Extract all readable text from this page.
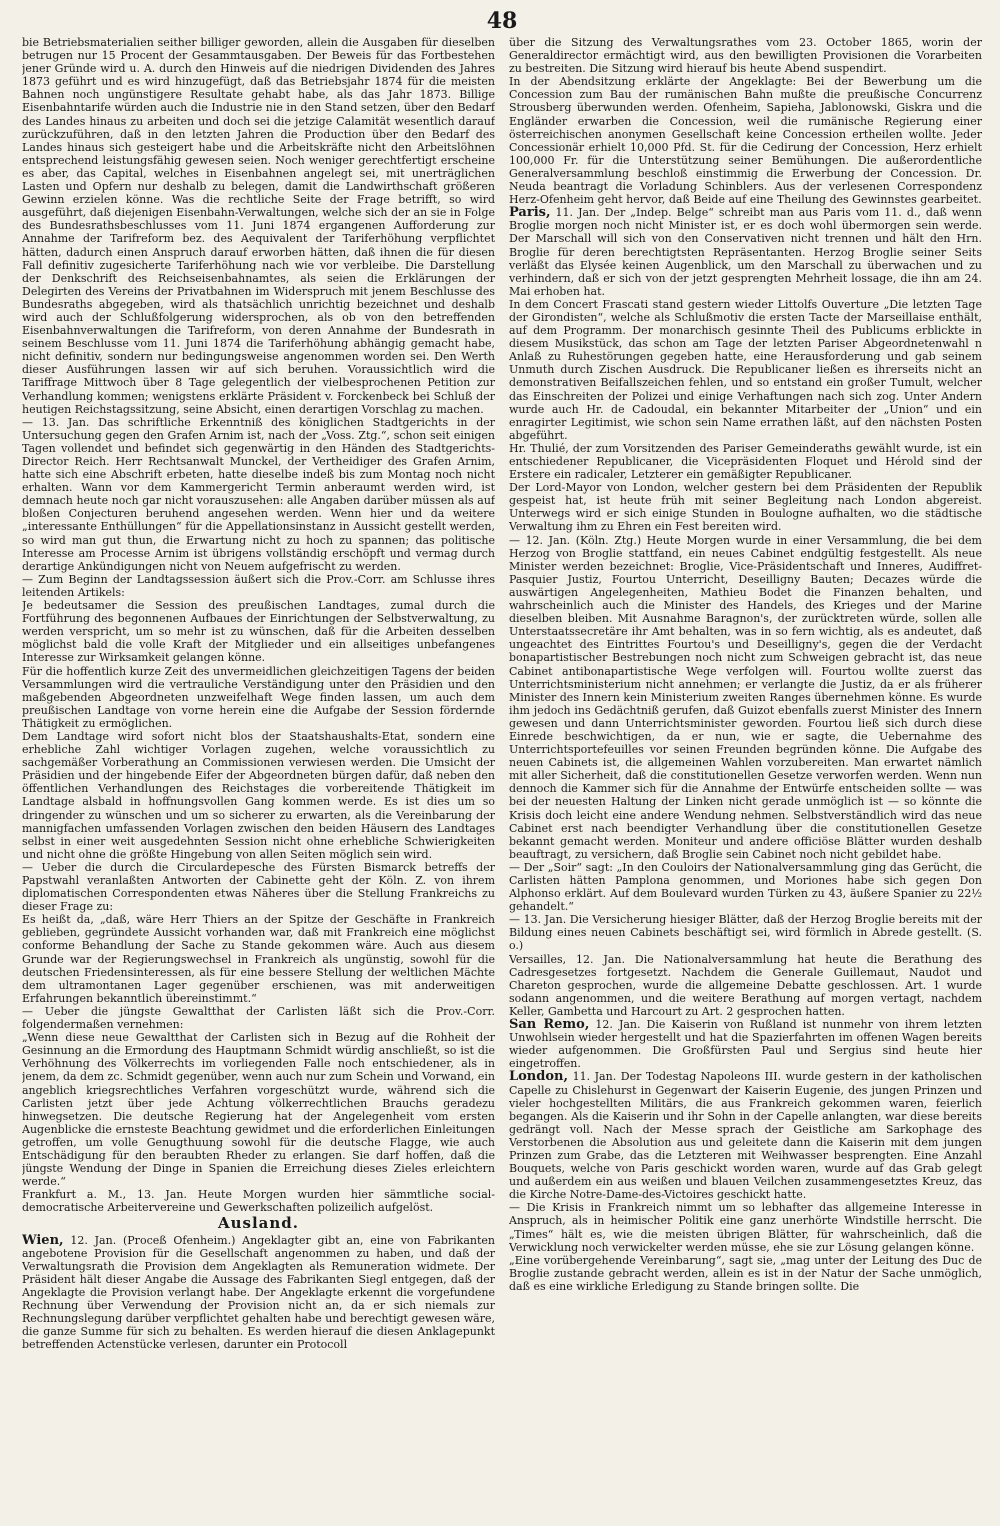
48

bie Betriebsmaterialien seither billiger geworden, allein die Ausgaben für dieselben betrugen nur 15 Procent der Gesammtausgaben. Der Beweis für das Fortbestehen jener Gründe wird u. A. durch den Hinweis auf die niedrigen Dividenden des Jahres 1873 geführt und es wird hinzugefügt, daß das Betriebsjahr 1874 für die meisten Bahnen noch ungünstigere Resultate gehabt habe, als das Jahr 1873. Billige Eisenbahntarife würden auch die Industrie nie in den Stand setzen, über den Bedarf des Landes hinaus zu arbeiten und doch sei die jetzige Calamität wesentlich darauf zurückzuführen, daß in den letzten Jahren die Production über den Bedarf des Landes hinaus sich gesteigert habe und die Arbeitskräfte nicht den Arbeitslöhnen entsprechend leistungsfähig gewesen seien. Noch weniger gerechtfertigt erscheine es aber, das Capital, welches in Eisenbahnen angelegt sei, mit unerträglichen Lasten und Opfern nur deshalb zu belegen, damit die Landwirthschaft größeren Gewinn erzielen könne. Was die rechtliche Seite der Frage betrifft, so wird ausgeführt, daß diejenigen Eisenbahn-Verwaltungen, welche sich der an sie in Folge des Bundesrathsbeschlusses vom 11. Juni 1874 ergangenen Aufforderung zur Annahme der Tarifreform bez. des Aequivalent der Tariferhöhung verpflichtet hätten, dadurch einen Anspruch darauf erworben hätten, daß ihnen die für diesen Fall definitiv zugesicherte Tariferhöhung nach wie vor verbleibe. Die Darstellung der Denkschrift des Reichseisenbahnamtes, als seien die Erklärungen der Delegirten des Vereins der Privatbahnen im Widerspruch mit jenem Beschlusse des Bundesraths abgegeben, wird als thatsächlich unrichtig bezeichnet und deshalb wird auch der Schlußfolgerung widersprochen, als ob von den betreffenden Eisenbahnverwaltungen die Tarifreform, von deren Annahme der Bundesrath in seinem Beschlusse vom 11. Juni 1874 die Tariferhöhung abhängig gemacht habe, nicht definitiv, sondern nur bedingungsweise angenommen worden sei. Den Werth dieser Ausführungen lassen wir auf sich beruhen. Voraussichtlich wird die Tariffrage Mittwoch über 8 Tage gelegentlich der vielbesprochenen Petition zur Verhandlung kommen; wenigstens erklärte Präsident v. Forckenbeck bei Schluß der heutigen Reichstagssitzung, seine Absicht, einen derartigen Vorschlag zu machen.

— 13. Jan. Das schriftliche Erkenntniß des königlichen Stadtgerichts in der Untersuchung gegen den Grafen Arnim ist, nach der „Voss. Ztg.“, schon seit einigen Tagen vollendet und befindet sich gegenwärtig in den Händen des Stadtgerichts-Director Reich. Herr Rechtsanwalt Munckel, der Vertheidiger des Grafen Arnim, hatte sich eine Abschrift erbeten, hatte dieselbe indeß bis zum Montag noch nicht erhalten. Wann vor dem Kammergericht Termin anberaumt werden wird, ist demnach heute noch gar nicht vorauszusehen: alle Angaben darüber müssen als auf bloßen Conjecturen beruhend angesehen werden. Wenn hier und da weitere „interessante Enthüllungen“ für die Appellationsinstanz in Aussicht gestellt werden, so wird man gut thun, die Erwartung nicht zu hoch zu spannen; das politische Interesse am Processe Arnim ist übrigens vollständig erschöpft und vermag durch derartige Ankündigungen nicht von Neuem aufgefrischt zu werden.

— Zum Beginn der Landtagssession äußert sich die Prov.-Corr. am Schlusse ihres leitenden Artikels:

Je bedeutsamer die Session des preußischen Landtages, zumal durch die Fortführung des begonnenen Aufbaues der Einrichtungen der Selbstverwaltung, zu werden verspricht, um so mehr ist zu wünschen, daß für die Arbeiten desselben möglichst bald die volle Kraft der Mitglieder und ein allseitiges unbefangenes Interesse zur Wirksamkeit gelangen könne.

Für die hoffentlich kurze Zeit des unvermeidlichen gleichzeitigen Tagens der beiden Versammlungen wird die vertrauliche Verständigung unter den Präsidien und den maßgebenden Abgeordneten unzweifelhaft Wege finden lassen, um auch dem preußischen Landtage von vorne herein eine die Aufgabe der Session fördernde Thätigkeit zu ermöglichen.

Dem Landtage wird sofort nicht blos der Staatshaushalts-Etat, sondern eine erhebliche Zahl wichtiger Vorlagen zugehen, welche voraussichtlich zu sachgemäßer Vorberathung an Commissionen verwiesen werden. Die Umsicht der Präsidien und der hingebende Eifer der Abgeordneten bürgen dafür, daß neben den öffentlichen Verhandlungen des Reichstages die vorbereitende Thätigkeit im Landtage alsbald in hoffnungsvollen Gang kommen werde. Es ist dies um so dringender zu wünschen und um so sicherer zu erwarten, als die Vereinbarung der mannigfachen umfassenden Vorlagen zwischen den beiden Häusern des Landtages selbst in einer weit ausgedehnten Session nicht ohne erhebliche Schwierigkeiten und nicht ohne die größte Hingebung von allen Seiten möglich sein wird.

— Ueber die durch die Circulardepesche des Fürsten Bismarck betreffs der Papstwahl veranlaßten Antworten der Cabinette geht der Köln. Z. von ihrem diplomatischen Correspondenten etwas Näheres über die Stellung Frankreichs zu dieser Frage zu:

Es heißt da, „daß, wäre Herr Thiers an der Spitze der Geschäfte in Frankreich geblieben, gegründete Aussicht vorhanden war, daß mit Frankreich eine möglichst conforme Behandlung der Sache zu Stande gekommen wäre. Auch aus diesem Grunde war der Regierungswechsel in Frankreich als ungünstig, sowohl für die deutschen Friedensinteressen, als für eine bessere Stellung der weltlichen Mächte dem ultramontanen Lager gegenüber erschienen, was mit anderweitigen Erfahrungen bekanntlich übereinstimmt.“

— Ueber die jüngste Gewaltthat der Carlisten läßt sich die Prov.-Corr. folgendermaßen vernehmen:

„Wenn diese neue Gewaltthat der Carlisten sich in Bezug auf die Rohheit der Gesinnung an die Ermordung des Hauptmann Schmidt würdig anschließt, so ist die Verhöhnung des Völkerrechts im vorliegenden Falle noch entschiedener, als in jenem, da dem zc. Schmidt gegenüber, wenn auch nur zum Schein und Vorwand, ein angeblich kriegsrechtliches Verfahren vorgeschützt wurde, während sich die Carlisten jetzt über jede Achtung völkerrechtlichen Brauchs geradezu hinwegsetzen. Die deutsche Regierung hat der Angelegenheit vom ersten Augenblicke die ernsteste Beachtung gewidmet und die erforderlichen Einleitungen getroffen, um volle Genugthuung sowohl für die deutsche Flagge, wie auch Entschädigung für den beraubten Rheder zu erlangen. Sie darf hoffen, daß die jüngste Wendung der Dinge in Spanien die Erreichung dieses Zieles erleichtern werde.“

Frankfurt a. M., 13. Jan. Heute Morgen wurden hier sämmtliche social-democratische Arbeitervereine und Gewerkschaften polizeilich aufgelöst.

Ausland.

Wien, 12. Jan. (Proceß Ofenheim.) Angeklagter gibt an, eine von Fabrikanten angebotene Provision für die Gesellschaft angenommen zu haben, und daß der Verwaltungsrath die Provision dem Angeklagten als Remuneration widmete. Der Präsident hält dieser Angabe die Aussage des Fabrikanten Siegl entgegen, daß der Angeklagte die Provision verlangt habe. Der Angeklagte erkennt die vorgefundene Rechnung über Verwendung der Provision nicht an, da er sich niemals zur Rechnungslegung darüber verpflichtet gehalten habe und berechtigt gewesen wäre, die ganze Summe für sich zu behalten. Es werden hierauf die diesen Anklagepunkt betreffenden Actenstücke verlesen, darunter ein Protocoll

über die Sitzung des Verwaltungsrathes vom 23. October 1865, worin der Generaldirector ermächtigt wird, aus den bewilligten Provisionen die Vorarbeiten zu bestreiten. Die Sitzung wird hierauf bis heute Abend suspendirt.

In der Abendsitzung erklärte der Angeklagte: Bei der Bewerbung um die Concession zum Bau der rumänischen Bahn mußte die preußische Concurrenz Strousberg überwunden werden. Ofenheim, Sapieha, Jablonowski, Giskra und die Engländer erwarben die Concession, weil die rumänische Regierung einer österreichischen anonymen Gesellschaft keine Concession ertheilen wollte. Jeder Concessionär erhielt 10,000 Pfd. St. für die Cedirung der Concession, Herz erhielt 100,000 Fr. für die Unterstützung seiner Bemühungen. Die außerordentliche Generalversammlung beschloß einstimmig die Erwerbung der Concession. Dr. Neuda beantragt die Vorladung Schinblers. Aus der verlesenen Correspondenz Herz-Ofenheim geht hervor, daß Beide auf eine Theilung des Gewinnstes gearbeitet.

Paris, 11. Jan. Der „Indep. Belge“ schreibt man aus Paris vom 11. d., daß wenn Broglie morgen noch nicht Minister ist, er es doch wohl übermorgen sein werde. Der Marschall will sich von den Conservativen nicht trennen und hält den Hrn. Broglie für deren berechtigtsten Repräsentanten. Herzog Broglie seiner Seits verläßt das Elysée keinen Augenblick, um den Marschall zu überwachen und zu verhindern, daß er sich von der jetzt gesprengten Mehrheit lossage, die ihn am 24. Mai erhoben hat.

In dem Concert Frascati stand gestern wieder Littolfs Ouverture „Die letzten Tage der Girondisten“, welche als Schlußmotiv die ersten Tacte der Marseillaise enthält, auf dem Programm. Der monarchisch gesinnte Theil des Publicums erblickte in diesem Musikstück, das schon am Tage der letzten Pariser Abgeordnetenwahl n Anlaß zu Ruhestörungen gegeben hatte, eine Herausforderung und gab seinem Unmuth durch Zischen Ausdruck. Die Republicaner ließen es ihrerseits nicht an demonstrativen Beifallszeichen fehlen, und so entstand ein großer Tumult, welcher das Einschreiten der Polizei und einige Verhaftungen nach sich zog. Unter Andern wurde auch Hr. de Cadoudal, ein bekannter Mitarbeiter der „Union“ und ein enragirter Legitimist, wie schon sein Name errathen läßt, auf den nächsten Posten abgeführt.

Hr. Thulié, der zum Vorsitzenden des Pariser Gemeinderaths gewählt wurde, ist ein entschiedener Republicaner, die Vicepräsidenten Floquet und Hérold sind der Erstere ein radicaler, Letzterer ein gemäßigter Republicaner.

Der Lord-Mayor von London, welcher gestern bei dem Präsidenten der Republik gespeist hat, ist heute früh mit seiner Begleitung nach London abgereist. Unterwegs wird er sich einige Stunden in Boulogne aufhalten, wo die städtische Verwaltung ihm zu Ehren ein Fest bereiten wird.

— 12. Jan. (Köln. Ztg.) Heute Morgen wurde in einer Versammlung, die bei dem Herzog von Broglie stattfand, ein neues Cabinet endgültig festgestellt. Als neue Minister werden bezeichnet: Broglie, Vice-Präsidentschaft und Inneres, Audiffret-Pasquier Justiz, Fourtou Unterricht, Deseilligny Bauten; Decazes würde die auswärtigen Angelegenheiten, Mathieu Bodet die Finanzen behalten, und wahrscheinlich auch die Minister des Handels, des Krieges und der Marine dieselben bleiben. Mit Ausnahme Baragnon's, der zurücktreten würde, sollen alle Unterstaatssecretäre ihr Amt behalten, was in so fern wichtig, als es andeutet, daß ungeachtet des Eintrittes Fourtou's und Deseilligny's, gegen die der Verdacht bonapartistischer Bestrebungen noch nicht zum Schweigen gebracht ist, das neue Cabinet antibonapartistische Wege verfolgen will. Fourtou wollte zuerst das Unterrichtsministerium nicht annehmen; er verlangte die Justiz, da er als früherer Minister des Innern kein Ministerium zweiten Ranges übernehmen könne. Es wurde ihm jedoch ins Gedächtniß gerufen, daß Guizot ebenfalls zuerst Minister des Innern gewesen und dann Unterrichtsminister geworden. Fourtou ließ sich durch diese Einrede beschwichtigen, da er nun, wie er sagte, die Uebernahme des Unterrichtsportefeuilles vor seinen Freunden begründen könne. Die Aufgabe des neuen Cabinets ist, die allgemeinen Wahlen vorzubereiten. Man erwartet nämlich mit aller Sicherheit, daß die constitutionellen Gesetze verworfen werden. Wenn nun dennoch die Kammer sich für die Annahme der Entwürfe entscheiden sollte — was bei der neuesten Haltung der Linken nicht gerade unmöglich ist — so könnte die Krisis doch leicht eine andere Wendung nehmen. Selbstverständlich wird das neue Cabinet erst nach beendigter Verhandlung über die constitutionellen Gesetze bekannt gemacht werden. Moniteur und andere officiöse Blätter wurden deshalb beauftragt, zu versichern, daß Broglie sein Cabinet noch nicht gebildet habe.

— Der „Soir“ sagt: „In den Couloirs der Nationalversammlung ging das Gerücht, die Carlisten hätten Pamplona genommen, und Moriones habe sich gegen Don Alphonso erklärt. Auf dem Boulevard wurden Türken zu 43, äußere Spanier zu 22½ gehandelt.“

— 13. Jan. Die Versicherung hiesiger Blätter, daß der Herzog Broglie bereits mit der Bildung eines neuen Cabinets beschäftigt sei, wird förmlich in Abrede gestellt. (S. o.)

Versailles, 12. Jan. Die Nationalversammlung hat heute die Berathung des Cadresgesetzes fortgesetzt. Nachdem die Generale Guillemaut, Naudot und Chareton gesprochen, wurde die allgemeine Debatte geschlossen. Art. 1 wurde sodann angenommen, und die weitere Berathung auf morgen vertagt, nachdem Keller, Gambetta und Harcourt zu Art. 2 gesprochen hatten.

San Remo, 12. Jan. Die Kaiserin von Rußland ist nunmehr von ihrem letzten Unwohlsein wieder hergestellt und hat die Spazierfahrten im offenen Wagen bereits wieder aufgenommen. Die Großfürsten Paul und Sergius sind heute hier eingetroffen.

London, 11. Jan. Der Todestag Napoleons III. wurde gestern in der katholischen Capelle zu Chislehurst in Gegenwart der Kaiserin Eugenie, des jungen Prinzen und vieler hochgestellten Militärs, die aus Frankreich gekommen waren, feierlich begangen. Als die Kaiserin und ihr Sohn in der Capelle anlangten, war diese bereits gedrängt voll. Nach der Messe sprach der Geistliche am Sarkophage des Verstorbenen die Absolution aus und geleitete dann die Kaiserin mit dem jungen Prinzen zum Grabe, das die Letzteren mit Weihwasser besprengten. Eine Anzahl Bouquets, welche von Paris geschickt worden waren, wurde auf das Grab gelegt und außerdem ein aus weißen und blauen Veilchen zusammengesetztes Kreuz, das die Kirche Notre-Dame-des-Victoires geschickt hatte.

— Die Krisis in Frankreich nimmt um so lebhafter das allgemeine Interesse in Anspruch, als in heimischer Politik eine ganz unerhörte Windstille herrscht. Die „Times“ hält es, wie die meisten übrigen Blätter, für wahrscheinlich, daß die Verwicklung noch verwickelter werden müsse, ehe sie zur Lösung gelangen könne.

„Eine vorübergehende Vereinbarung“, sagt sie, „mag unter der Leitung des Duc de Broglie zustande gebracht werden, allein es ist in der Natur der Sache unmöglich, daß es eine wirkliche Erledigung zu Stande bringen sollte. Die
